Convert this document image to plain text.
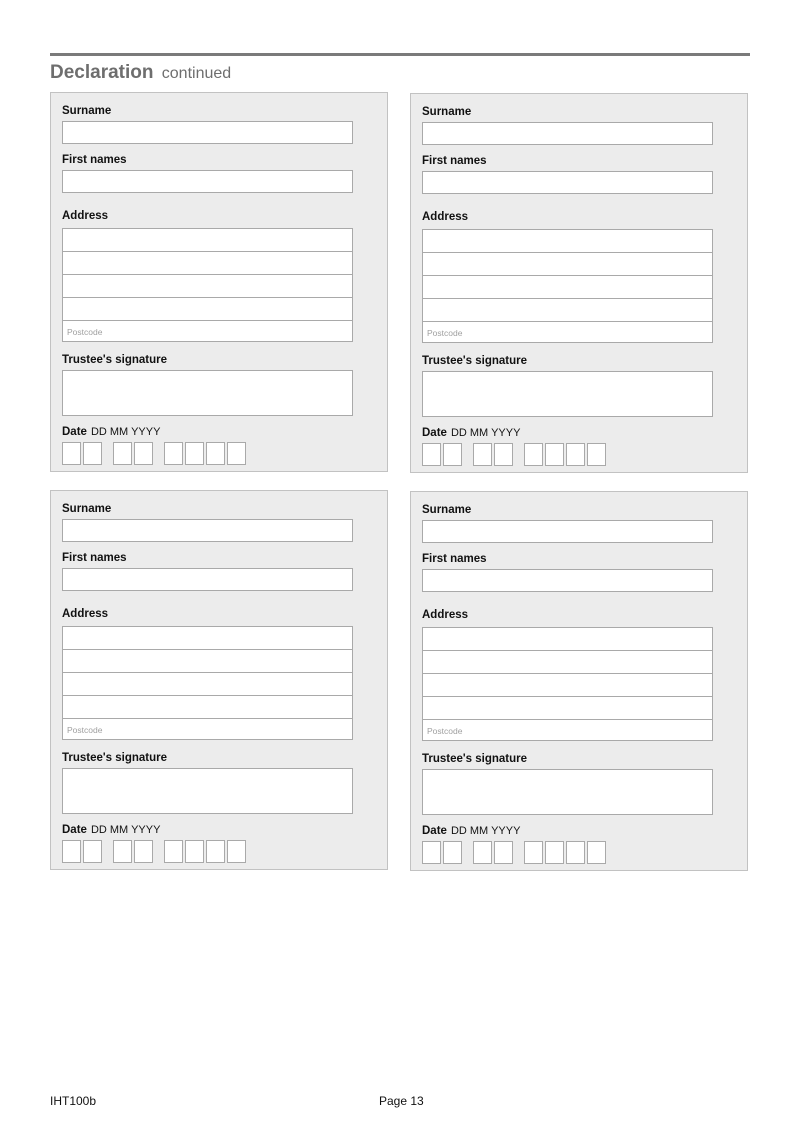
Declaration continued
Surname
First names
Address
Postcode
Trustee's signature
Date DD MM YYYY
Surname
First names
Address
Postcode
Trustee's signature
Date DD MM YYYY
Surname
First names
Address
Postcode
Trustee's signature
Date DD MM YYYY
Surname
First names
Address
Postcode
Trustee's signature
Date DD MM YYYY
IHT100b	Page 13
